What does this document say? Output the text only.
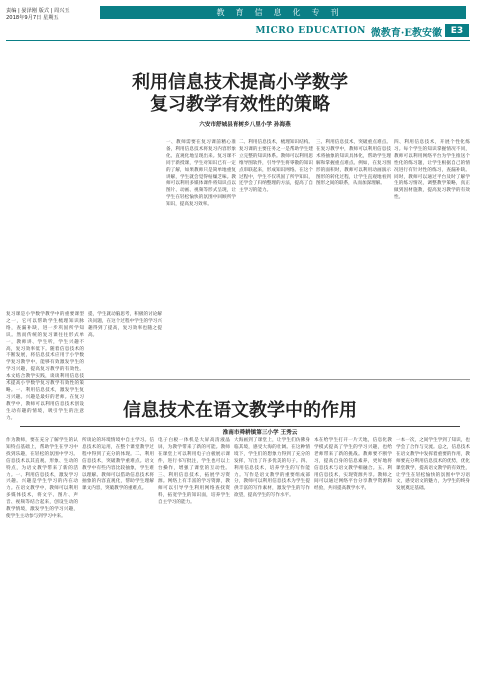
责编 | 晏泽刚 版式 | 周兴玉
2018年9月7日 星期五
教育信息化专刊
MICRO EDUCATION 微教育·E教安徽 E3
利用信息技术提高小学数学
复习教学有效性的策略
六安市舒城县育树乡八里小学 孙海燕
复习课是小学数学教学中的重要课型之一，它可以帮助学生梳理知识脉络，查漏补缺，进一步巩固所学知识。然而传统的复习课往往形式单一，教师讲、学生听，学生兴趣不高，复习效率低下。随着信息技术的不断发展，将信息技术应用于小学数学复习教学中，能够有效激发学生的学习兴趣，提高复习教学的有效性。本文结合教学实践，谈谈利用信息技术提高小学数学复习教学有效性的策略。一、利用信息技术，激发学生复习兴趣。兴趣是最好的老师。在复习教学中，教师可以利用信息技术创设生动有趣的情境，吸引学生的注意力。
提，学生就动脑思考，积极的讨论解决问题，在这个过程中学生的学习兴趣得到了提高，复习效率也随之提高。
一、教师需要在复习课前精心准备，利用信息技术将复习内容形象化、直观化地呈现出来。复习课不同于新授课，学生对知识已有一定的了解，如果教师只是简单地重复讲解，学生就会觉得枯燥乏味。教师可以利用多媒体课件将知识点以图片、动画、视频等形式呈现，让学生在轻松愉快的氛围中回顾所学知识，提高复习效率。
二、利用信息技术，梳理知识结构。复习课的主要任务之一是帮助学生建立完整的知识体系。教师可以利用思维导图软件，引导学生将零散的知识点串联起来，形成知识网络。在这个过程中，学生不仅巩固了所学知识，还学会了归纳整理的方法，提高了自主学习的能力。
三、利用信息技术，突破重点难点。在复习教学中，教师可以利用信息技术将抽象的知识具体化，帮助学生理解和掌握重点难点。例如，在复习图形的面积时，教师可以利用动画演示图形的转化过程，让学生直观地看到图形之间的联系，从而加深理解。
四、利用信息技术，开展个性化练习。每个学生的知识掌握情况不同，教师可以利用网络平台为学生推送个性化的练习题，让学生根据自己的情况进行有针对性的练习，查漏补缺。同时，教师可以通过平台及时了解学生的练习情况，调整教学策略，真正做到因材施教，提高复习教学的有效性。
信息技术在语文教学中的作用
淮南市舜耕镇第三小学 王秀云
作为教师，要在充分了解学生的认知特点基础上，帮助学生在学习中找到乐趣，在轻松的氛围中学习。信息技术以其直观、形象、生动的特点，为语文教学带来了新的活力。一、利用信息技术，激发学习兴趣。兴趣是学生学习的内在动力。在语文教学中，教师可以利用多媒体技术，将文字、图片、声音、视频等结合起来，创设生动的教学情境，激发学生的学习兴趣，使学生主动参与到学习中来。
所谈论的环境情境中自主学习。信息技术的运用，在整个课堂教学过程中得到了充分的体现。二、利用信息技术，突破教学重难点。语文教学中有些内容比较抽象，学生难以理解。教师可以借助信息技术将抽象的内容直观化，帮助学生理解课文内容，突破教学的重难点。
电子白板一体机是大屏高清液晶屏，为教学带来了新的可能。教师在课堂上可以利用电子白板展示课件，进行书写批注，学生也可以上台操作，增强了课堂的互动性。三、利用信息技术，拓展学习资源。网络上有丰富的学习资源，教师可以引导学生利用网络查找资料，拓宽学生的知识面，培养学生自主学习的能力。
大海画到了课堂上，让学生们仿佛身临其境，感受大海的壮阔。在这种情境下，学生们的想象力得到了充分的发挥，写出了许多优美的句子。四、利用信息技术，培养学生的写作能力。写作是语文教学的重要组成部分，教师可以利用信息技术为学生提供丰富的写作素材，激发学生的写作欲望，提高学生的写作水平。
本在给学生打开一片天地，信息化教学模式提高了学生的学习兴趣，也给老师带来了新的挑战。教师要不断学习，提高自身的信息素养，更好地将信息技术与语文教学相融合。五、利用信息技术，实现资源共享。教师之间可以通过网络平台分享教学资源和经验，共同提高教学水平。
一本一次，之间学生学到了知识，也学会了合作与交流。总之，信息技术在语文教学中发挥着重要的作用，教师要充分利用信息技术的优势，优化课堂教学，提高语文教学的有效性，让学生在轻松愉快的氛围中学习语文，感受语文的魅力，为学生的终身发展奠定基础。
